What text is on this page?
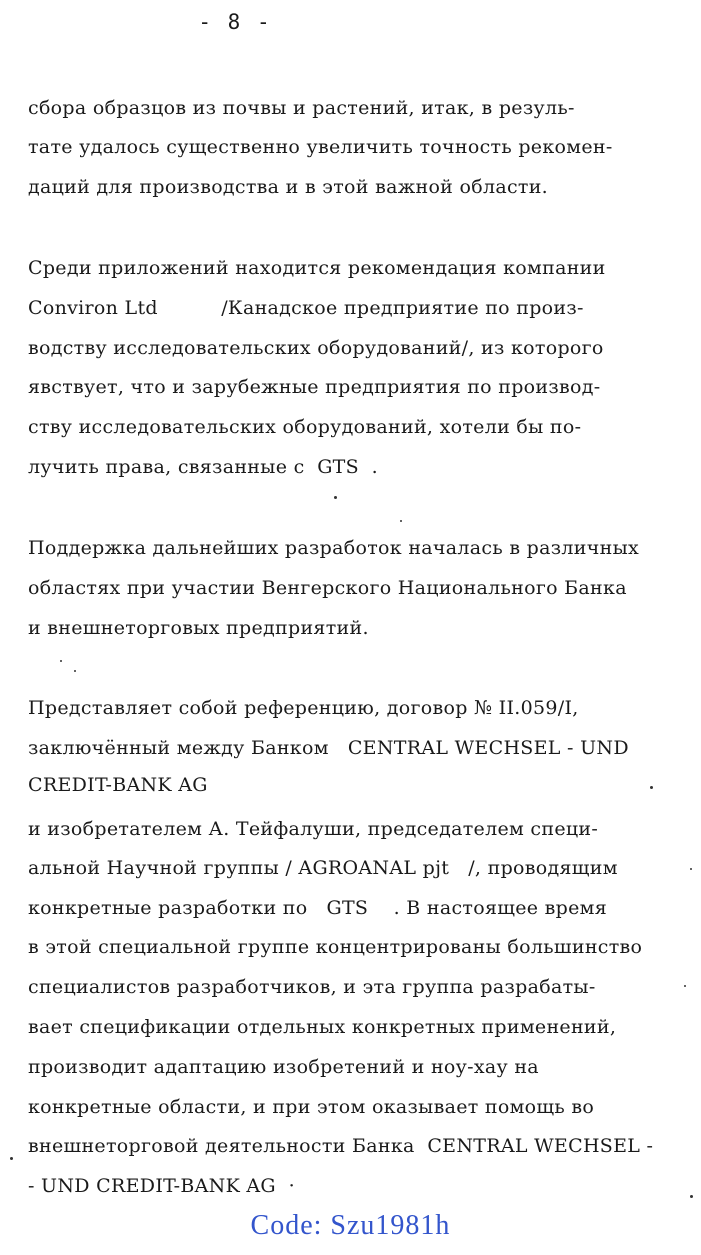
- 8 -
сбора образцов из почвы и растений, итак, в резуль-
тате удалось существенно увеличить точность рекомен-
даций для производства и в этой важной области.
Среди приложений находится рекомендация компании
Conviron Ltd          /Канадское предприятие по произ-
водству исследовательских оборудований/, из которого
явствует, что и зарубежные предприятия по производ-
ству исследовательских оборудований, хотели бы по-
лучить права, связанные с  GTS  .
Поддержка дальнейших разработок началась в различных
областях при участии Венгерского Национального Банка
и внешнеторговых предприятий.
Представляет собой референцию, договор № II.059/I,
заключённый между Банком   CENTRAL WECHSEL - UND
CREDIT-BANK AG
и изобретателем А. Тейфалуши, председателем специ-
альной Научной группы / AGROANAL pjt   /, проводящим
конкретные разработки по   GTS    . В настоящее время
в этой специальной группе концентрированы большинство
специалистов разработчиков, и эта группа разрабаты-
вает спецификации отдельных конкретных применений,
производит адаптацию изобретений и ноу-хау на
конкретные области, и при этом оказывает помощь во
внешнеторговой деятельности Банка  CENTRAL WECHSEL -
- UND CREDIT-BANK AG  ·
Code: Szu1981h
